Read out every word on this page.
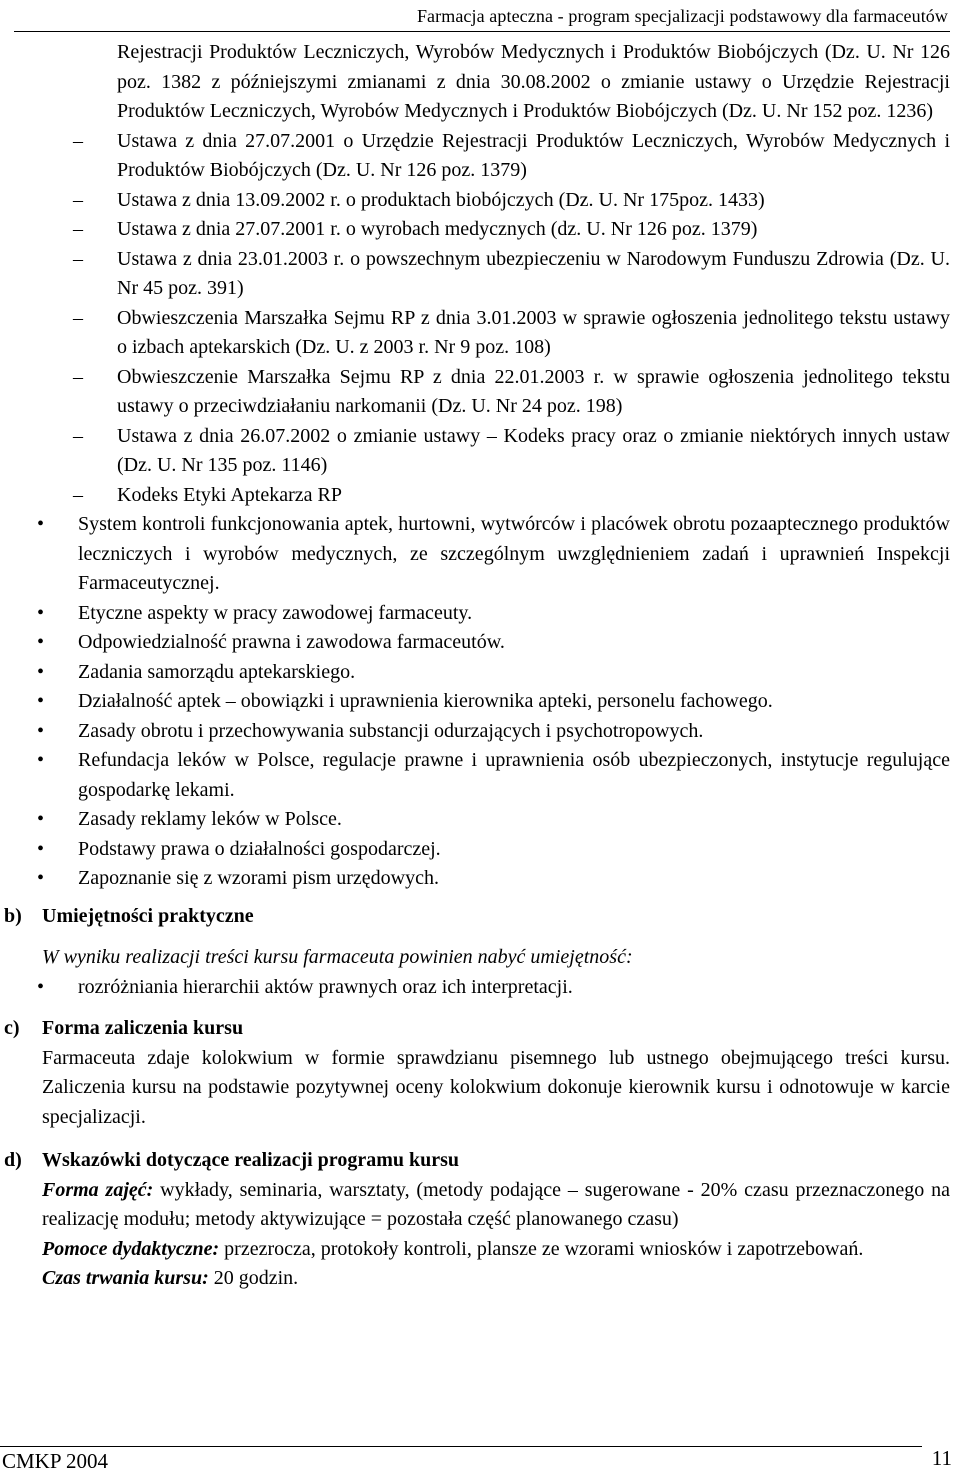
Farmacja apteczna - program specjalizacji podstawowy dla farmaceutów
Rejestracji Produktów Leczniczych, Wyrobów Medycznych i Produktów Biobójczych (Dz. U. Nr 126 poz. 1382 z późniejszymi zmianami z dnia 30.08.2002 o zmianie ustawy o Urzędzie Rejestracji Produktów Leczniczych, Wyrobów Medycznych i Produktów Biobójczych (Dz. U. Nr 152 poz. 1236)
–	Ustawa z dnia 27.07.2001 o Urzędzie Rejestracji Produktów Leczniczych, Wyrobów Medycznych i Produktów Biobójczych (Dz. U. Nr 126 poz. 1379)
–	Ustawa z dnia 13.09.2002 r. o produktach biobójczych (Dz. U. Nr 175poz. 1433)
–	Ustawa z dnia 27.07.2001 r. o wyrobach medycznych (dz. U. Nr 126 poz. 1379)
–	Ustawa z dnia 23.01.2003 r. o powszechnym ubezpieczeniu w Narodowym Funduszu Zdrowia (Dz. U. Nr 45 poz. 391)
–	Obwieszczenia Marszałka Sejmu RP z dnia 3.01.2003 w sprawie ogłoszenia jednolitego tekstu ustawy o izbach aptekarskich (Dz. U. z 2003 r. Nr 9 poz. 108)
–	Obwieszczenie Marszałka Sejmu RP z dnia 22.01.2003 r. w sprawie ogłoszenia jednolitego tekstu ustawy o przeciwdziałaniu narkomanii (Dz. U. Nr 24 poz. 198)
–	Ustawa z dnia 26.07.2002 o zmianie ustawy – Kodeks pracy oraz o zmianie niektórych innych ustaw (Dz. U. Nr 135 poz. 1146)
–	Kodeks Etyki Aptekarza RP
•	System kontroli funkcjonowania aptek, hurtowni, wytwórców i placówek obrotu pozaaptecznego produktów leczniczych i wyrobów medycznych, ze szczególnym uwzględnieniem zadań i uprawnień Inspekcji Farmaceutycznej.
•	Etyczne aspekty w pracy zawodowej farmaceuty.
•	Odpowiedzialność prawna i zawodowa farmaceutów.
•	Zadania samorządu aptekarskiego.
•	Działalność aptek – obowiązki i uprawnienia kierownika apteki, personelu fachowego.
•	Zasady obrotu i przechowywania substancji odurzających i psychotropowych.
•	Refundacja leków w Polsce, regulacje prawne i uprawnienia osób ubezpieczonych, instytucje regulujące gospodarkę lekami.
•	Zasady reklamy leków w Polsce.
•	Podstawy prawa o działalności gospodarczej.
•	Zapoznanie się z wzorami pism urzędowych.
b) Umiejętności praktyczne
W wyniku realizacji treści kursu farmaceuta powinien nabyć umiejętność:
•	rozróżniania hierarchii aktów prawnych oraz ich interpretacji.
c) Forma zaliczenia kursu
Farmaceuta zdaje kolokwium w formie sprawdzianu pisemnego lub ustnego obejmującego treści kursu. Zaliczenia kursu na podstawie pozytywnej oceny kolokwium dokonuje kierownik kursu i odnotowuje w karcie specjalizacji.
d) Wskazówki dotyczące realizacji programu kursu
Forma zajęć: wykłady, seminaria, warsztaty, (metody podające – sugerowane - 20% czasu przeznaczonego na realizację modułu; metody aktywizujące = pozostała część planowanego czasu)
Pomoce dydaktyczne: przezrocza, protokoły kontroli, plansze ze wzorami wniosków i zapotrzebowań.
Czas trwania kursu: 20 godzin.
CMKP 2004	11
